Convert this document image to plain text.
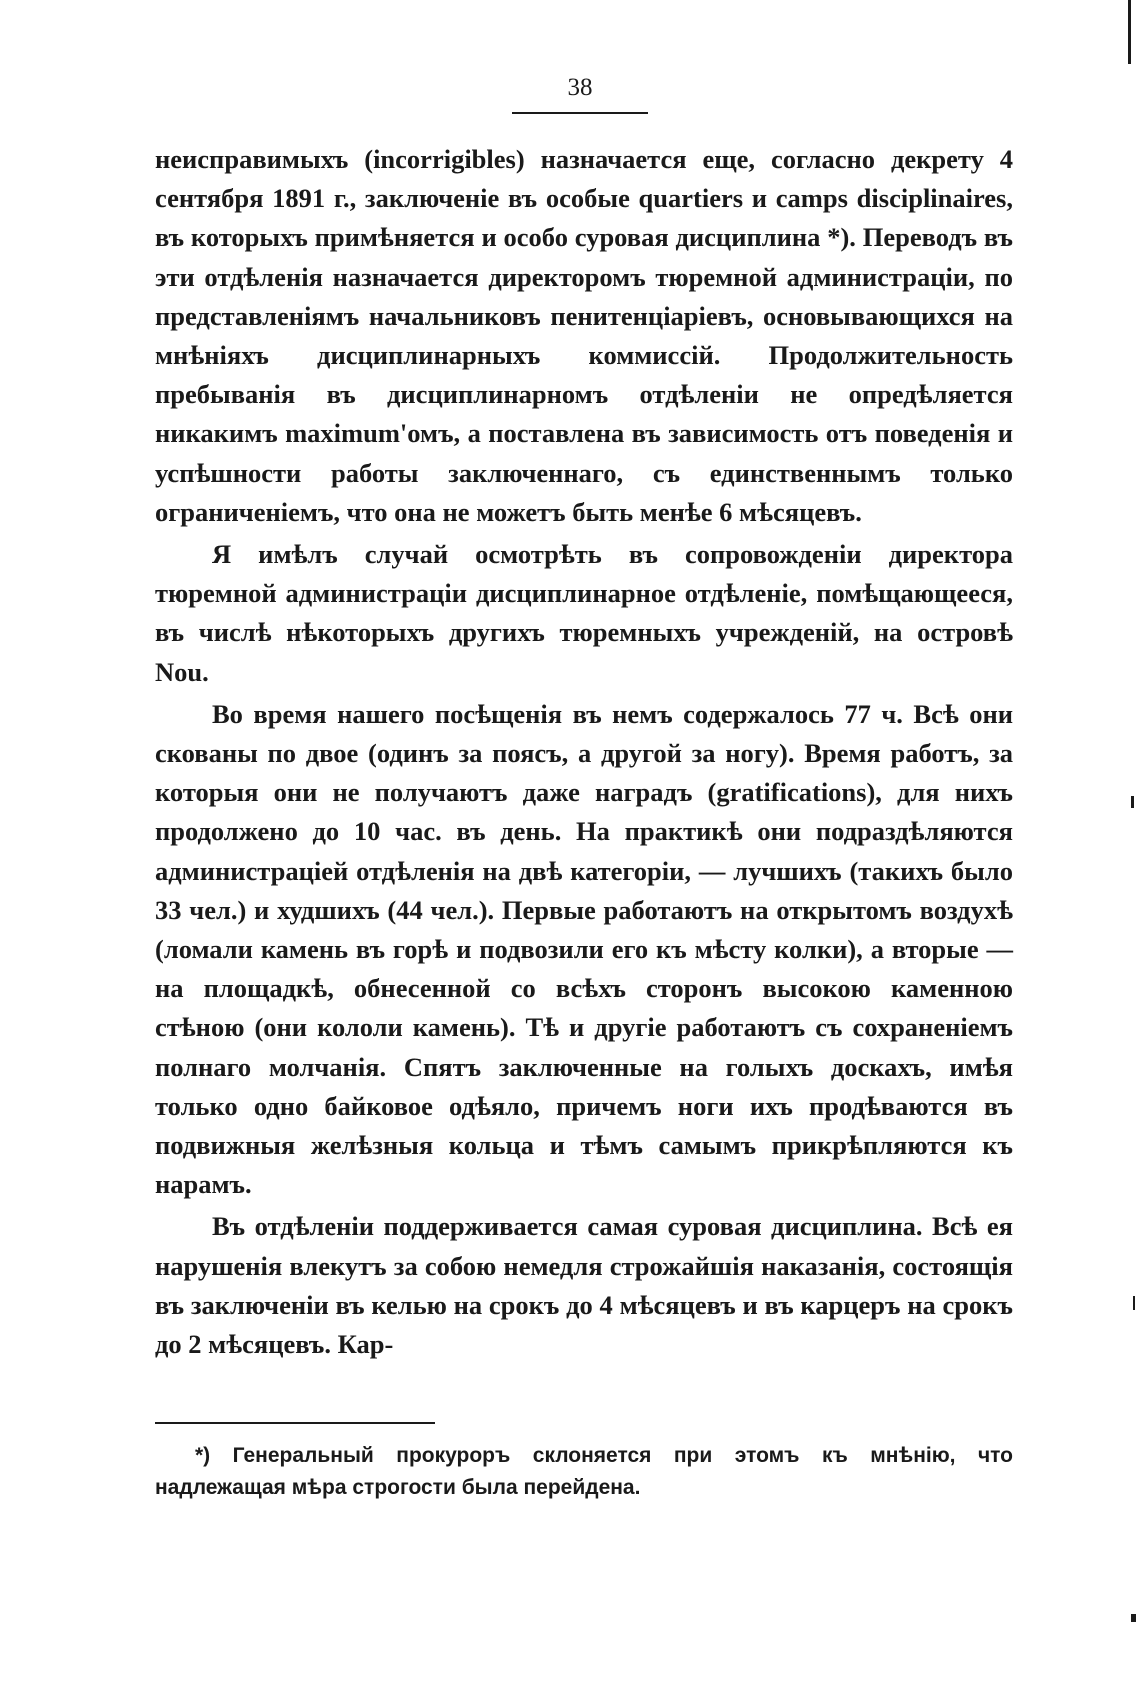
38

неисправимыхъ (incorrigibles) назначается еще, согласно декрету 4 сентября 1891 г., заключеніе въ особые quartiers и camps disciplinaires, въ которыхъ примѣняется и особо суровая дисциплина *). Переводъ въ эти отдѣленія назначается директоромъ тюремной администраціи, по представленіямъ начальниковъ пенитенціаріевъ, основывающихся на мнѣніяхъ дисциплинарныхъ коммиссій. Продолжительность пребыванія въ дисциплинарномъ отдѣленіи не опредѣляется никакимъ maximum'омъ, а поставлена въ зависимость отъ поведенія и успѣшности работы заключеннаго, съ единственнымъ только ограниченіемъ, что она не можетъ быть менѣе 6 мѣсяцевъ.

Я имѣлъ случай осмотрѣть въ сопровожденіи директора тюремной администраціи дисциплинарное отдѣленіе, помѣщающееся, въ числѣ нѣкоторыхъ другихъ тюремныхъ учрежденій, на островѣ Nou.

Во время нашего посѣщенія въ немъ содержалось 77 ч. Всѣ они скованы по двое (одинъ за поясъ, а другой за ногу). Время работъ, за которыя они не получаютъ даже наградъ (gratifications), для нихъ продолжено до 10 час. въ день. На практикѣ они подраздѣляются администраціей отдѣленія на двѣ категоріи, — лучшихъ (такихъ было 33 чел.) и худшихъ (44 чел.). Первые работаютъ на открытомъ воздухѣ (ломали камень въ горѣ и подвозили его къ мѣсту колки), а вторые — на площадкѣ, обнесенной со всѣхъ сторонъ высокою каменною стѣною (они кололи камень). Тѣ и другіе работаютъ съ сохраненіемъ полнаго молчанія. Спятъ заключенные на голыхъ доскахъ, имѣя только одно байковое одѣяло, причемъ ноги ихъ продѣваются въ подвижныя желѣзныя кольца и тѣмъ самымъ прикрѣпляются къ нарамъ.

Въ отдѣленіи поддерживается самая суровая дисциплина. Всѣ ея нарушенія влекутъ за собою немедля строжайшія наказанія, состоящія въ заключеніи въ келью на срокъ до 4 мѣсяцевъ и въ карцеръ на срокъ до 2 мѣсяцевъ. Кар-

*) Генеральный прокуроръ склоняется при этомъ къ мнѣнію, что надлежащая мѣра строгости была перейдена.
